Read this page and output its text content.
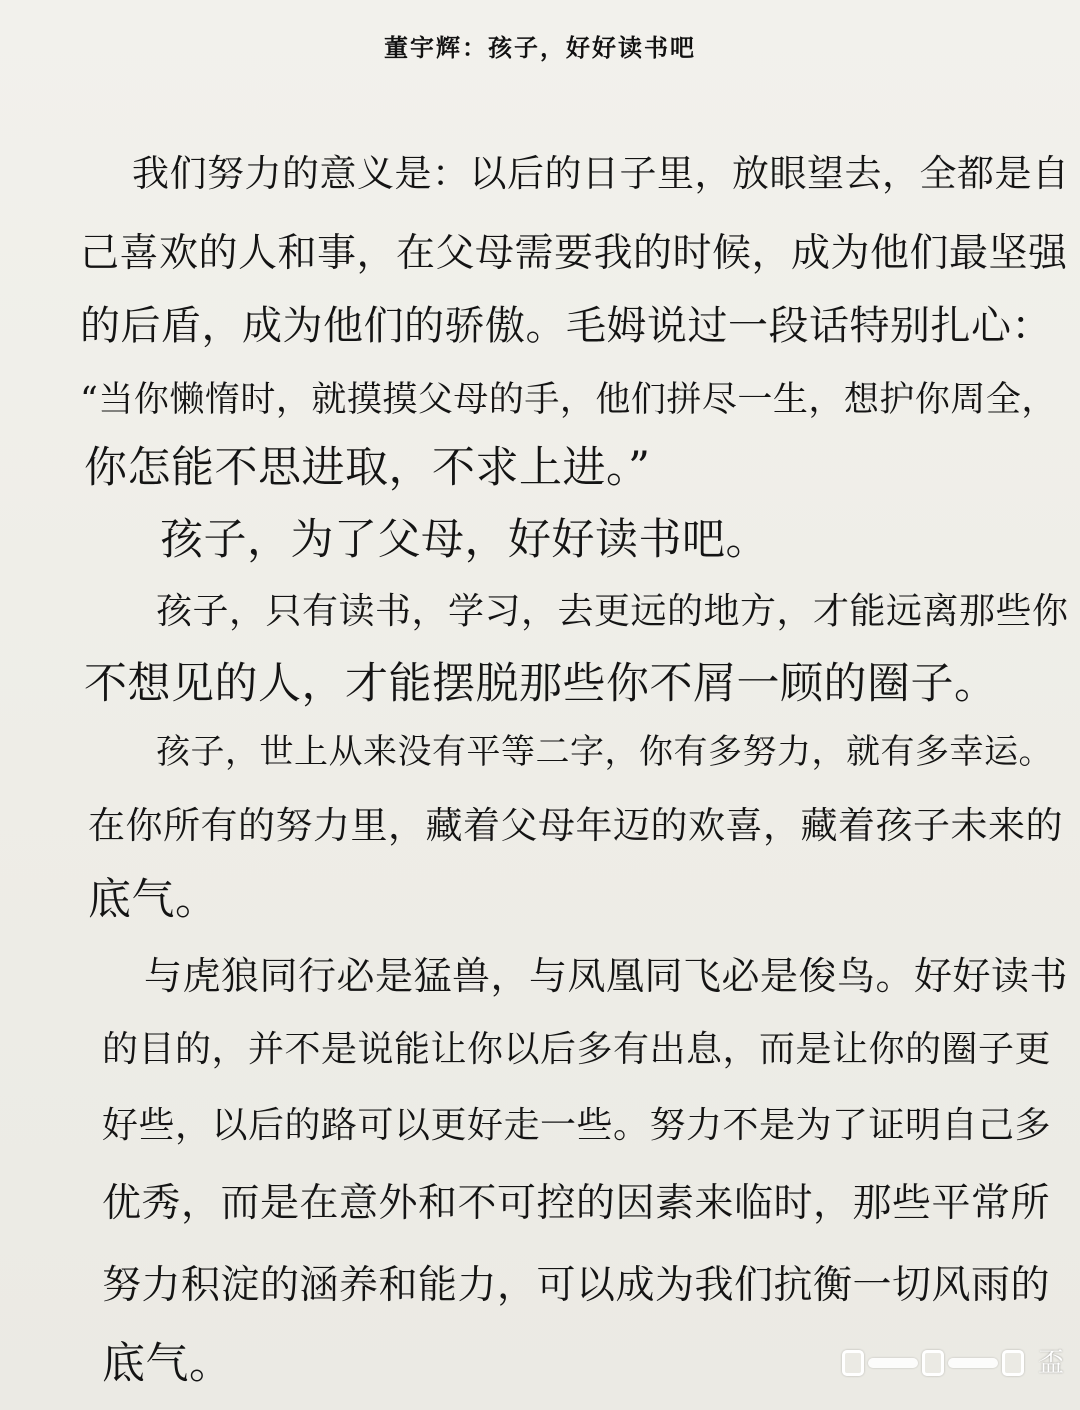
董宇辉：孩子，好好读书吧
我们努力的意义是：以后的日子里，放眼望去，全都是自
己喜欢的人和事，在父母需要我的时候，成为他们最坚强
的后盾，成为他们的骄傲。毛姆说过一段话特别扎心：
“当你懒惰时，就摸摸父母的手，他们拼尽一生，想护你周全，
你怎能不思进取，不求上进。”
孩子，为了父母，好好读书吧。
孩子，只有读书，学习，去更远的地方，才能远离那些你
不想见的人，才能摆脱那些你不屑一顾的圈子。
孩子，世上从来没有平等二字，你有多努力，就有多幸运。
在你所有的努力里，藏着父母年迈的欢喜，藏着孩子未来的
底气。
与虎狼同行必是猛兽，与凤凰同飞必是俊鸟。好好读书
的目的，并不是说能让你以后多有出息，而是让你的圈子更
好些，以后的路可以更好走一些。努力不是为了证明自己多
优秀，而是在意外和不可控的因素来临时，那些平常所
努力积淀的涵养和能力，可以成为我们抗衡一切风雨的
底气。	盃
